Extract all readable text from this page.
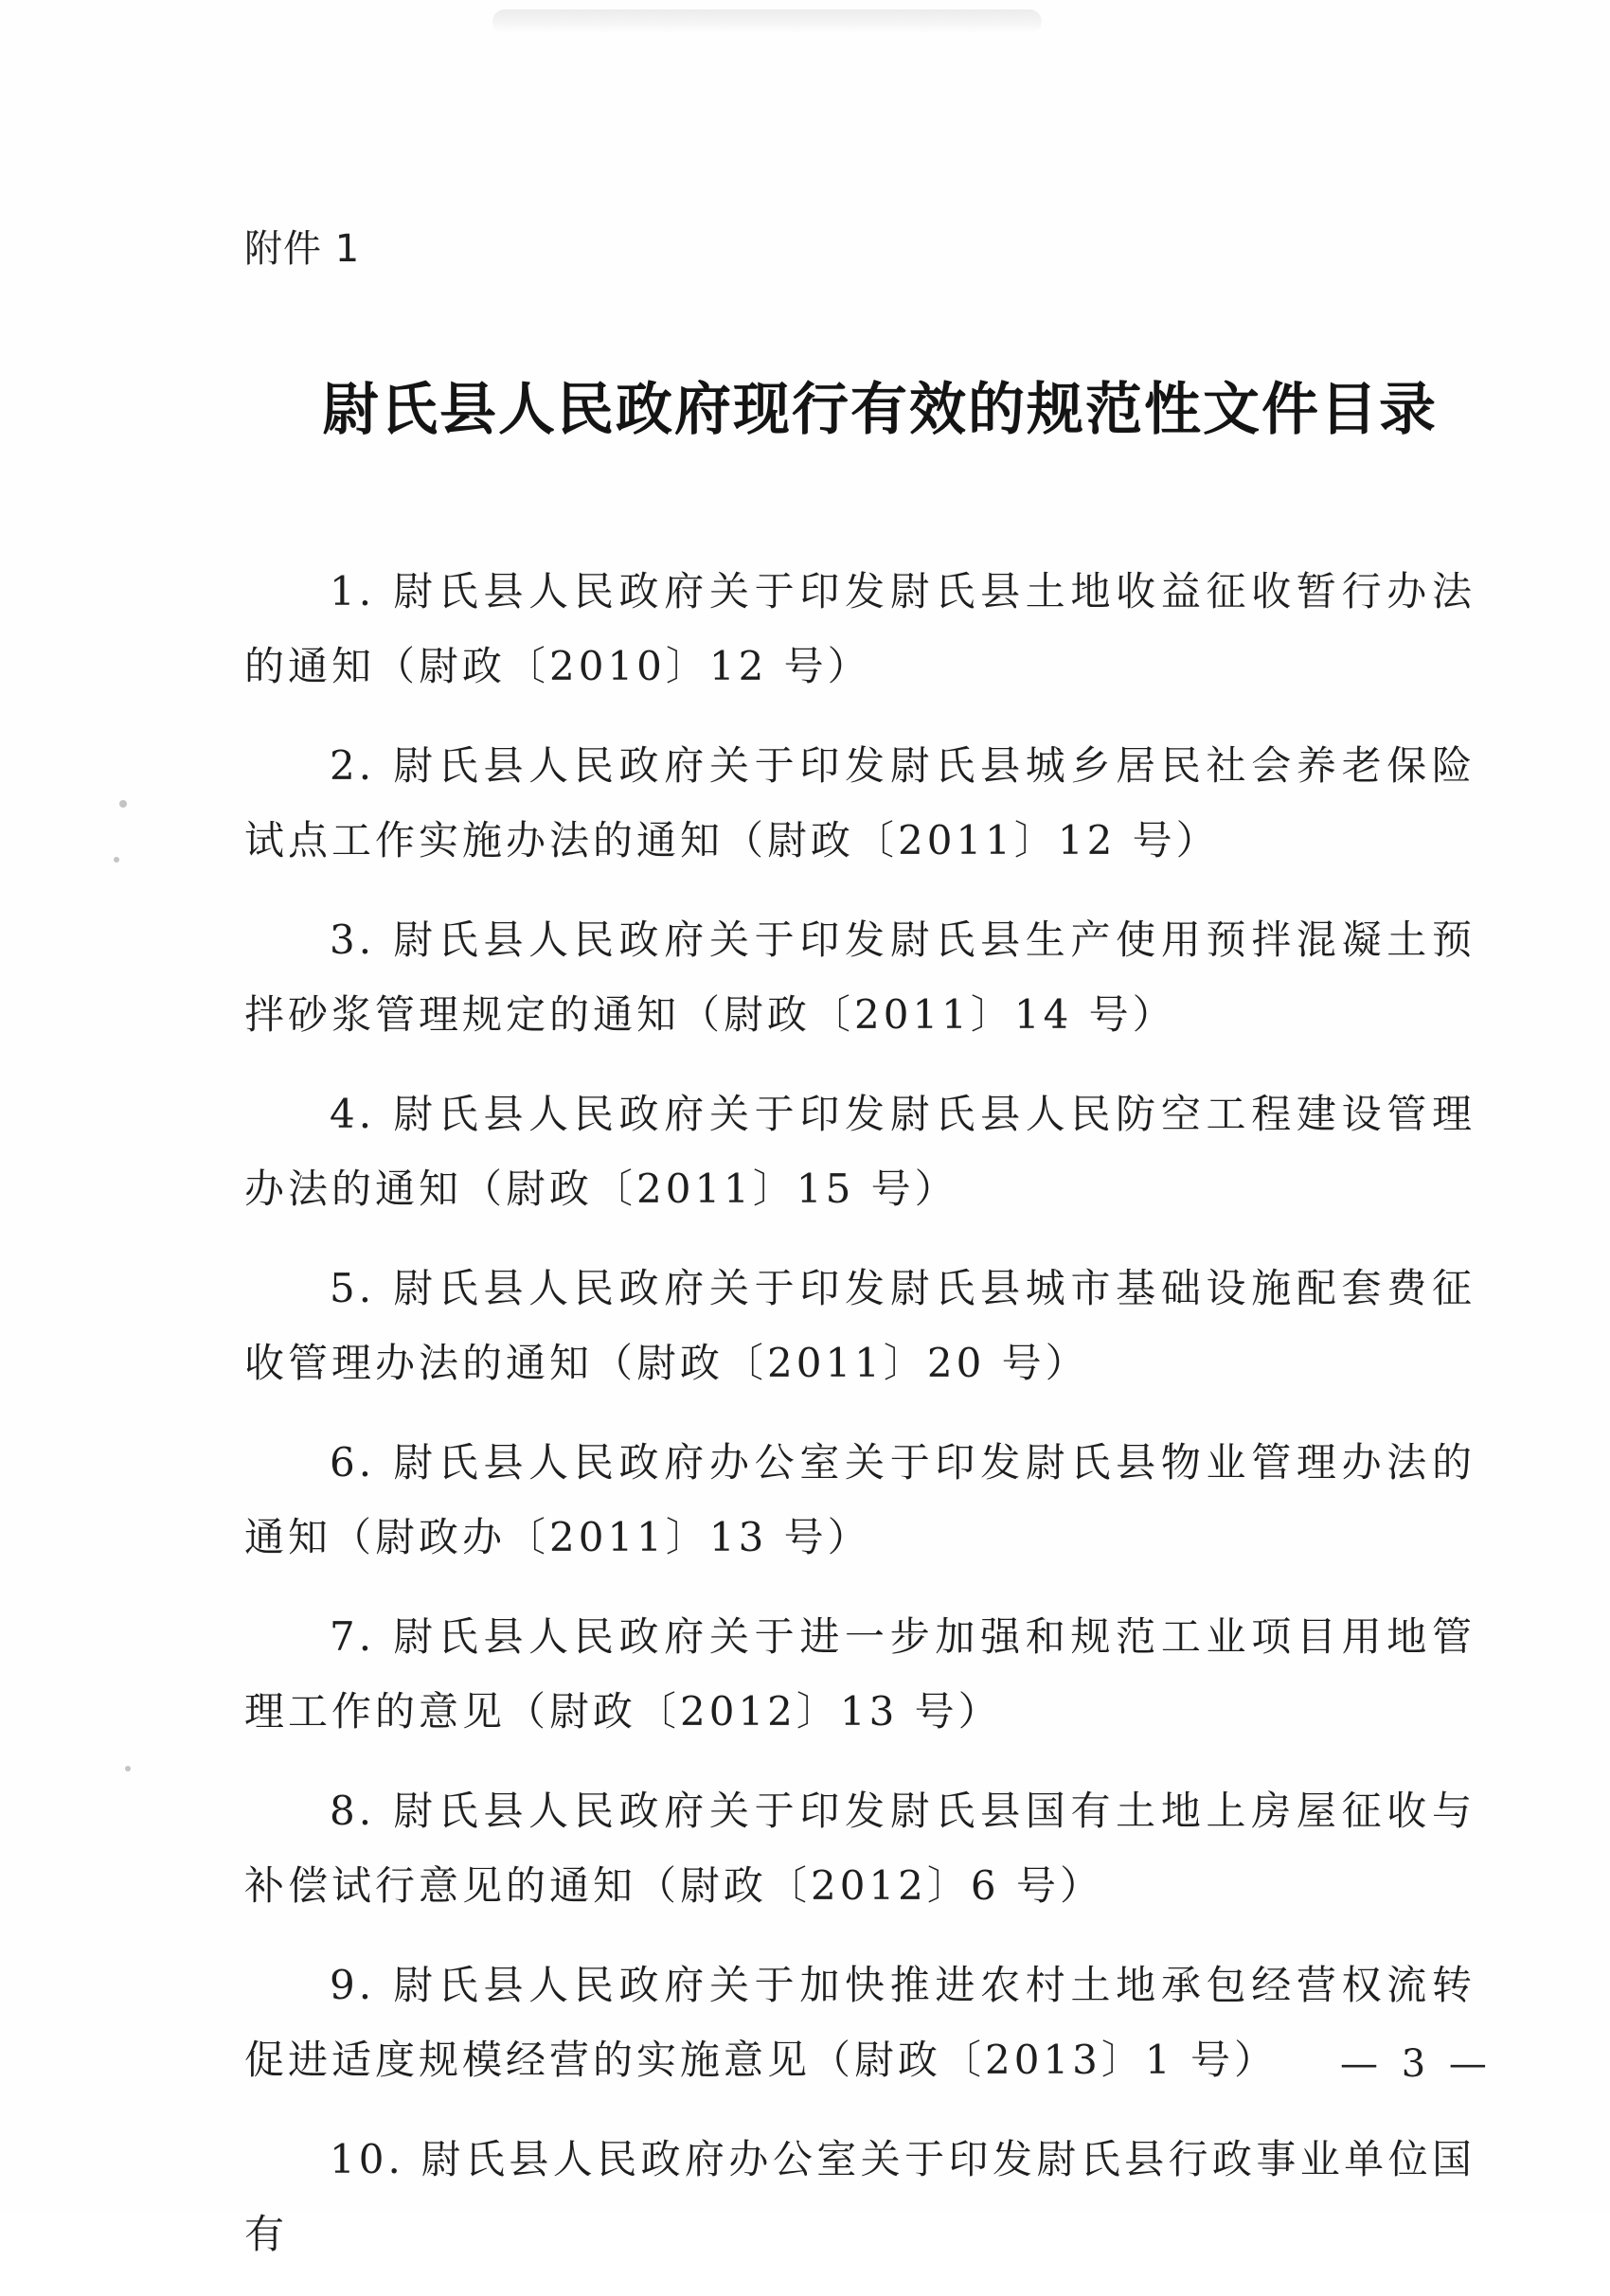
附件 1
尉氏县人民政府现行有效的规范性文件目录
1. 尉氏县人民政府关于印发尉氏县土地收益征收暂行办法的通知（尉政〔2010〕12 号）
2. 尉氏县人民政府关于印发尉氏县城乡居民社会养老保险试点工作实施办法的通知（尉政〔2011〕12 号）
3. 尉氏县人民政府关于印发尉氏县生产使用预拌混凝土预拌砂浆管理规定的通知（尉政〔2011〕14 号）
4. 尉氏县人民政府关于印发尉氏县人民防空工程建设管理办法的通知（尉政〔2011〕15 号）
5. 尉氏县人民政府关于印发尉氏县城市基础设施配套费征收管理办法的通知（尉政〔2011〕20 号）
6. 尉氏县人民政府办公室关于印发尉氏县物业管理办法的通知（尉政办〔2011〕13 号）
7. 尉氏县人民政府关于进一步加强和规范工业项目用地管理工作的意见（尉政〔2012〕13 号）
8. 尉氏县人民政府关于印发尉氏县国有土地上房屋征收与补偿试行意见的通知（尉政〔2012〕6 号）
9. 尉氏县人民政府关于加快推进农村土地承包经营权流转促进适度规模经营的实施意见（尉政〔2013〕1 号）
10. 尉氏县人民政府办公室关于印发尉氏县行政事业单位国有
— 3 —
